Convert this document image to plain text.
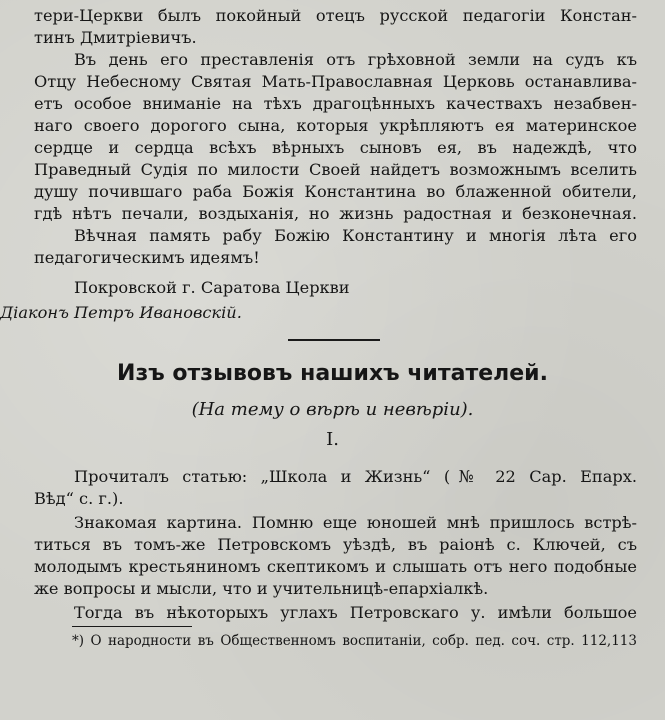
тери-Церкви былъ покойный отецъ русской педагогіи Констан-
тинъ Дмитріевичъ.
Въ день его преставленія отъ грѣховной земли на судъ къ
Отцу Небесному Святая Мать-Православная Церковь останавлива-
етъ особое вниманіе на тѣхъ драгоцѣнныхъ качествахъ незабвен-
наго своего дорогого сына, которыя укрѣпляютъ ея материнское
сердце и сердца всѣхъ вѣрныхъ сыновъ ея, въ надеждѣ, что
Праведный Судія по милости Своей найдетъ возможнымъ вселить
душу почившаго раба Божія Константина во блаженной обители,
гдѣ нѣтъ печали, воздыханія, но жизнь радостная и безконечная.
Вѣчная память рабу Божію Константину и многія лѣта его
педагогическимъ идеямъ!
Покровской г. Саратова Церкви
Діаконъ Петръ Ивановскій.
Изъ отзывовъ нашихъ читателей.
(На тему о вѣрѣ и невѣріи).
I.
Прочиталъ статью: „Школа и Жизнь“ (№ 22 Сар. Епарх.
Вѣд“ с. г.).
Знакомая картина. Помню еще юношей мнѣ пришлось встрѣ-
титься въ томъ-же Петровскомъ уѣздѣ, въ раіонѣ с. Ключей, съ
молодымъ крестьяниномъ скептикомъ и слышать отъ него подобные
же вопросы и мысли, что и учительницѣ-епархіалкѣ.
Тогда въ нѣкоторыхъ углахъ Петровскаго у. имѣли большое
*) О народности въ Общественномъ воспитаніи, собр. пед. соч. стр. 112,113
